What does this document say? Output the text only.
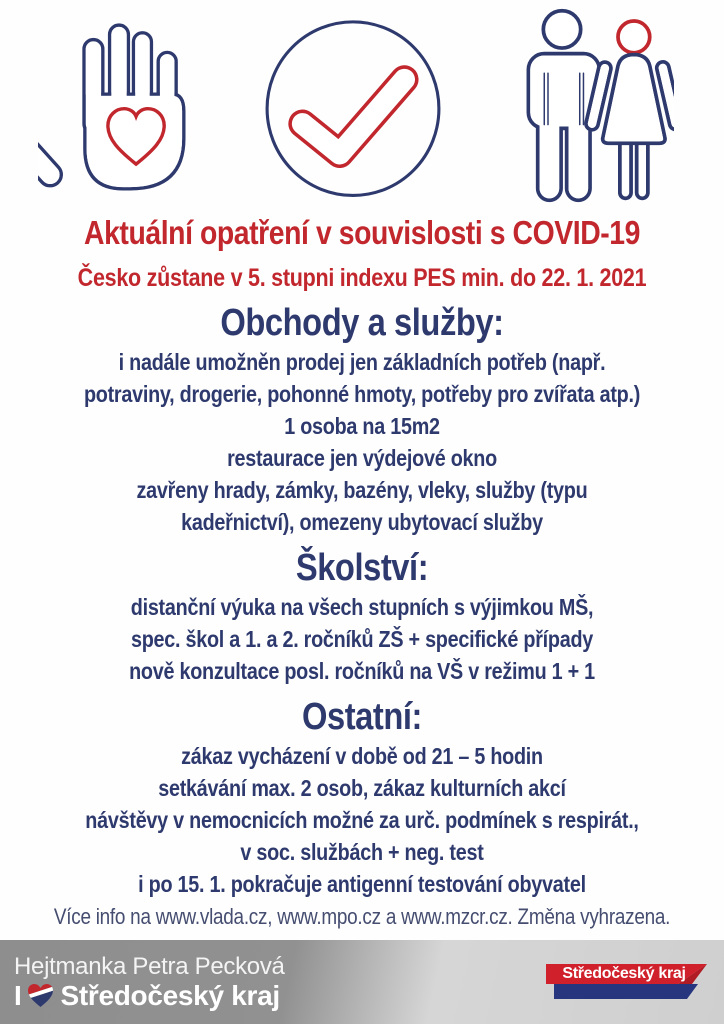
Aktuální opatření v souvislosti s COVID-19
Česko zůstane v 5. stupni indexu PES min. do 22. 1. 2021
Obchody a služby:
i nadále umožněn prodej jen základních potřeb (např.
potraviny, drogerie, pohonné hmoty, potřeby pro zvířata atp.)
1 osoba na 15m2
restaurace jen výdejové okno
zavřeny hrady, zámky, bazény, vleky, služby (typu
kadeřnictví), omezeny ubytovací služby
Školství:
distanční výuka na všech stupních s výjimkou MŠ,
spec. škol a 1. a 2. ročníků ZŠ + specifické případy
nově konzultace posl. ročníků na VŠ v režimu 1 + 1
Ostatní:
zákaz vycházení v době od 21 – 5 hodin
setkávání max. 2 osob, zákaz kulturních akcí
návštěvy v nemocnicích možné za urč. podmínek s respirát.,
v soc. službách + neg. test
i po 15. 1. pokračuje antigenní testování obyvatel
Více info na www.vlada.cz, www.mpo.cz a www.mzcr.cz. Změna vyhrazena.
Hejtmanka Petra Pecková
I Středočeský kraj
Středočeský kraj
